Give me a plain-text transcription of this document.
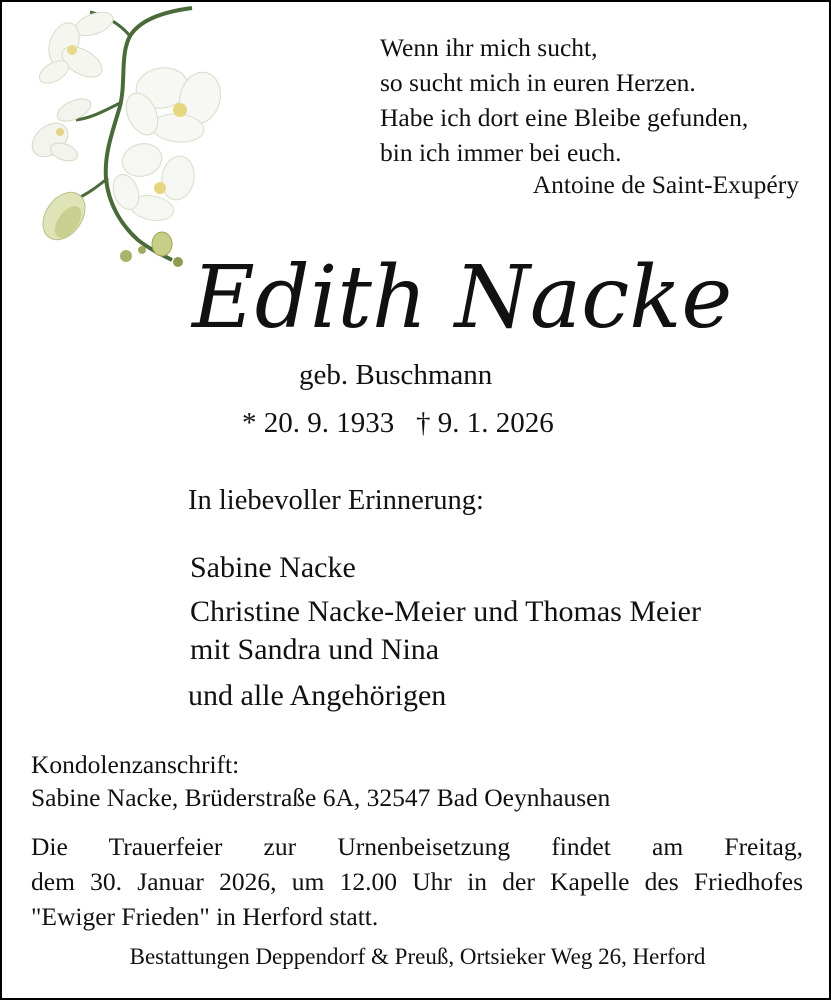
Wenn ihr mich sucht,
so sucht mich in euren Herzen.
Habe ich dort eine Bleibe gefunden,
bin ich immer bei euch.
Antoine de Saint-Exupéry
Edith Nacke
geb. Buschmann
* 20. 9. 1933   † 9. 1. 2026
In liebevoller Erinnerung:
Sabine Nacke
Christine Nacke-Meier und Thomas Meier
mit Sandra und Nina
und alle Angehörigen
Kondolenzanschrift:
Sabine Nacke, Brüderstraße 6A, 32547 Bad Oeynhausen
Die Trauerfeier zur Urnenbeisetzung findet am Freitag,
dem 30. Januar 2026, um 12.00 Uhr in der Kapelle des Friedhofes
"Ewiger Frieden" in Herford statt.
Bestattungen Deppendorf & Preuß, Ortsieker Weg 26, Herford
